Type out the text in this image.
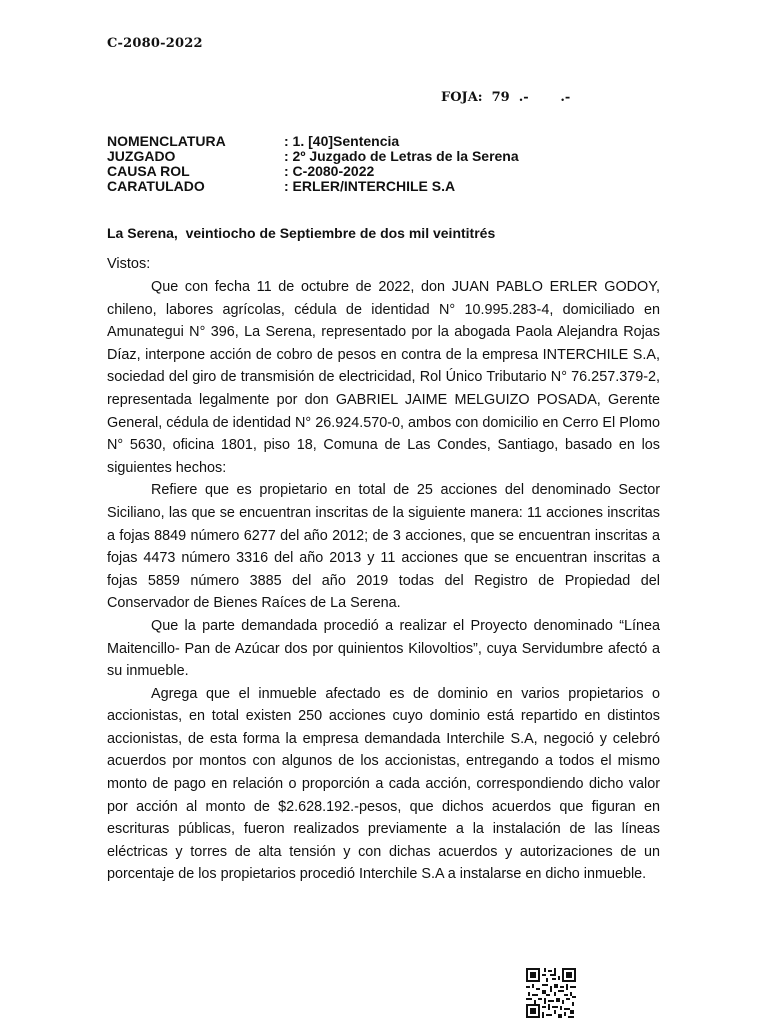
C-2080-2022
FOJA:  79  .-       .-
NOMENCLATURA	: 1. [40]Sentencia
JUZGADO	: 2º Juzgado de Letras de la Serena
CAUSA ROL	: C-2080-2022
CARATULADO	: ERLER/INTERCHILE S.A
La Serena,  veintiocho de Septiembre de dos mil veintitrés
Vistos:

Que con fecha 11 de octubre de 2022, don JUAN PABLO ERLER GODOY, chileno, labores agrícolas, cédula de identidad N° 10.995.283-4, domiciliado en Amunategui N° 396, La Serena, representado por la abogada Paola Alejandra Rojas Díaz, interpone acción de cobro de pesos en contra de la empresa INTERCHILE S.A, sociedad del giro de transmisión de electricidad, Rol Único Tributario N° 76.257.379-2, representada legalmente por don GABRIEL JAIME MELGUIZO POSADA, Gerente General, cédula de identidad N° 26.924.570-0, ambos con domicilio en Cerro El Plomo N° 5630, oficina 1801, piso 18, Comuna de Las Condes, Santiago, basado en los siguientes hechos:

Refiere que es propietario en total de 25 acciones del denominado Sector Siciliano, las que se encuentran inscritas de la siguiente manera: 11 acciones inscritas a fojas 8849 número 6277 del año 2012; de 3 acciones, que se encuentran inscritas a fojas 4473 número 3316 del año 2013 y 11 acciones que se encuentran inscritas a fojas 5859 número 3885 del año 2019 todas del Registro de Propiedad del Conservador de Bienes Raíces de La Serena.

Que la parte demandada procedió a realizar el Proyecto denominado “Línea Maitencillo- Pan de Azúcar dos por quinientos Kilovoltios”, cuya Servidumbre afectó a su inmueble.

Agrega que el inmueble afectado es de dominio en varios propietarios o accionistas, en total existen 250 acciones cuyo dominio está repartido en distintos accionistas, de esta forma la empresa demandada Interchile S.A, negoció y celebró acuerdos por montos con algunos de los accionistas, entregando a todos el mismo monto de pago en relación o proporción a cada acción, correspondiendo dicho valor por acción al monto de $2.628.192.-pesos, que dichos acuerdos que figuran en escrituras públicas, fueron realizados previamente a la instalación de las líneas eléctricas y torres de alta tensión y con dichas acuerdos y autorizaciones de un porcentaje de los propietarios procedió Interchile S.A a instalarse en dicho inmueble.
